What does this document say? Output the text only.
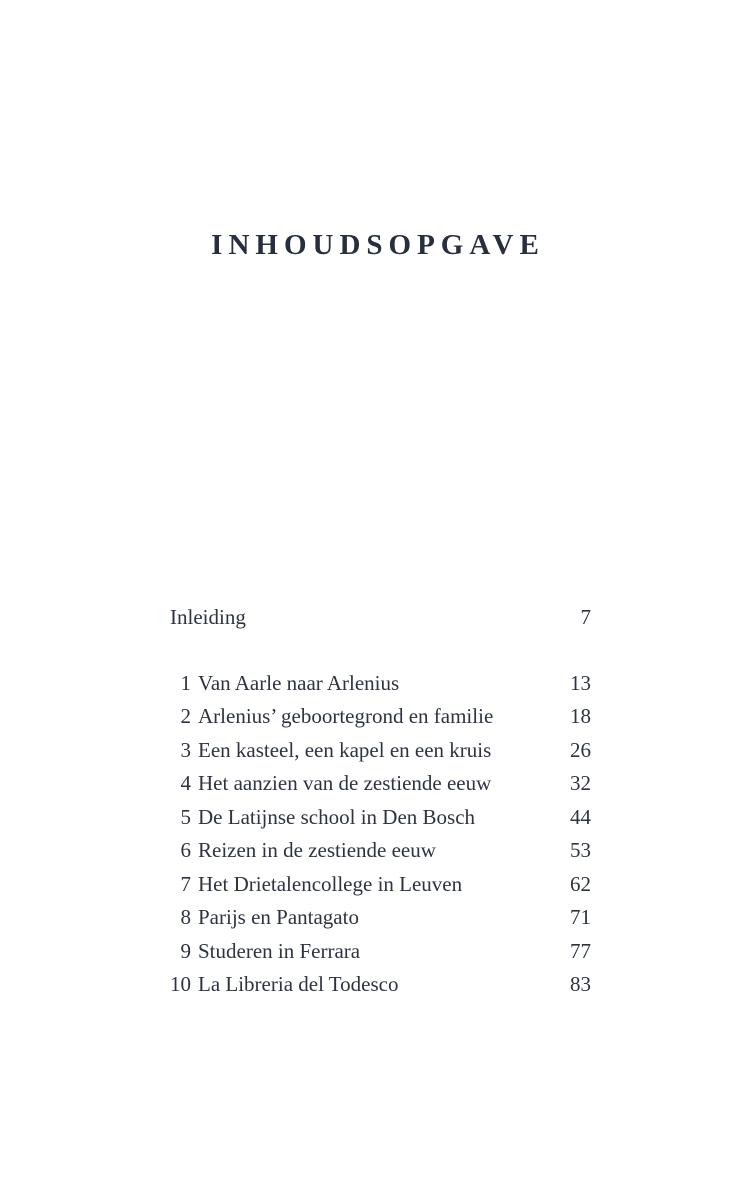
INHOUDSOPGAVE
Inleiding	7
1 Van Aarle naar Arlenius	13
2 Arlenius’ geboortegrond en familie	18
3 Een kasteel, een kapel en een kruis	26
4 Het aanzien van de zestiende eeuw	32
5 De Latijnse school in Den Bosch	44
6 Reizen in de zestiende eeuw	53
7 Het Drietalencollege in Leuven	62
8 Parijs en Pantagato	71
9 Studeren in Ferrara	77
10 La Libreria del Todesco	83
